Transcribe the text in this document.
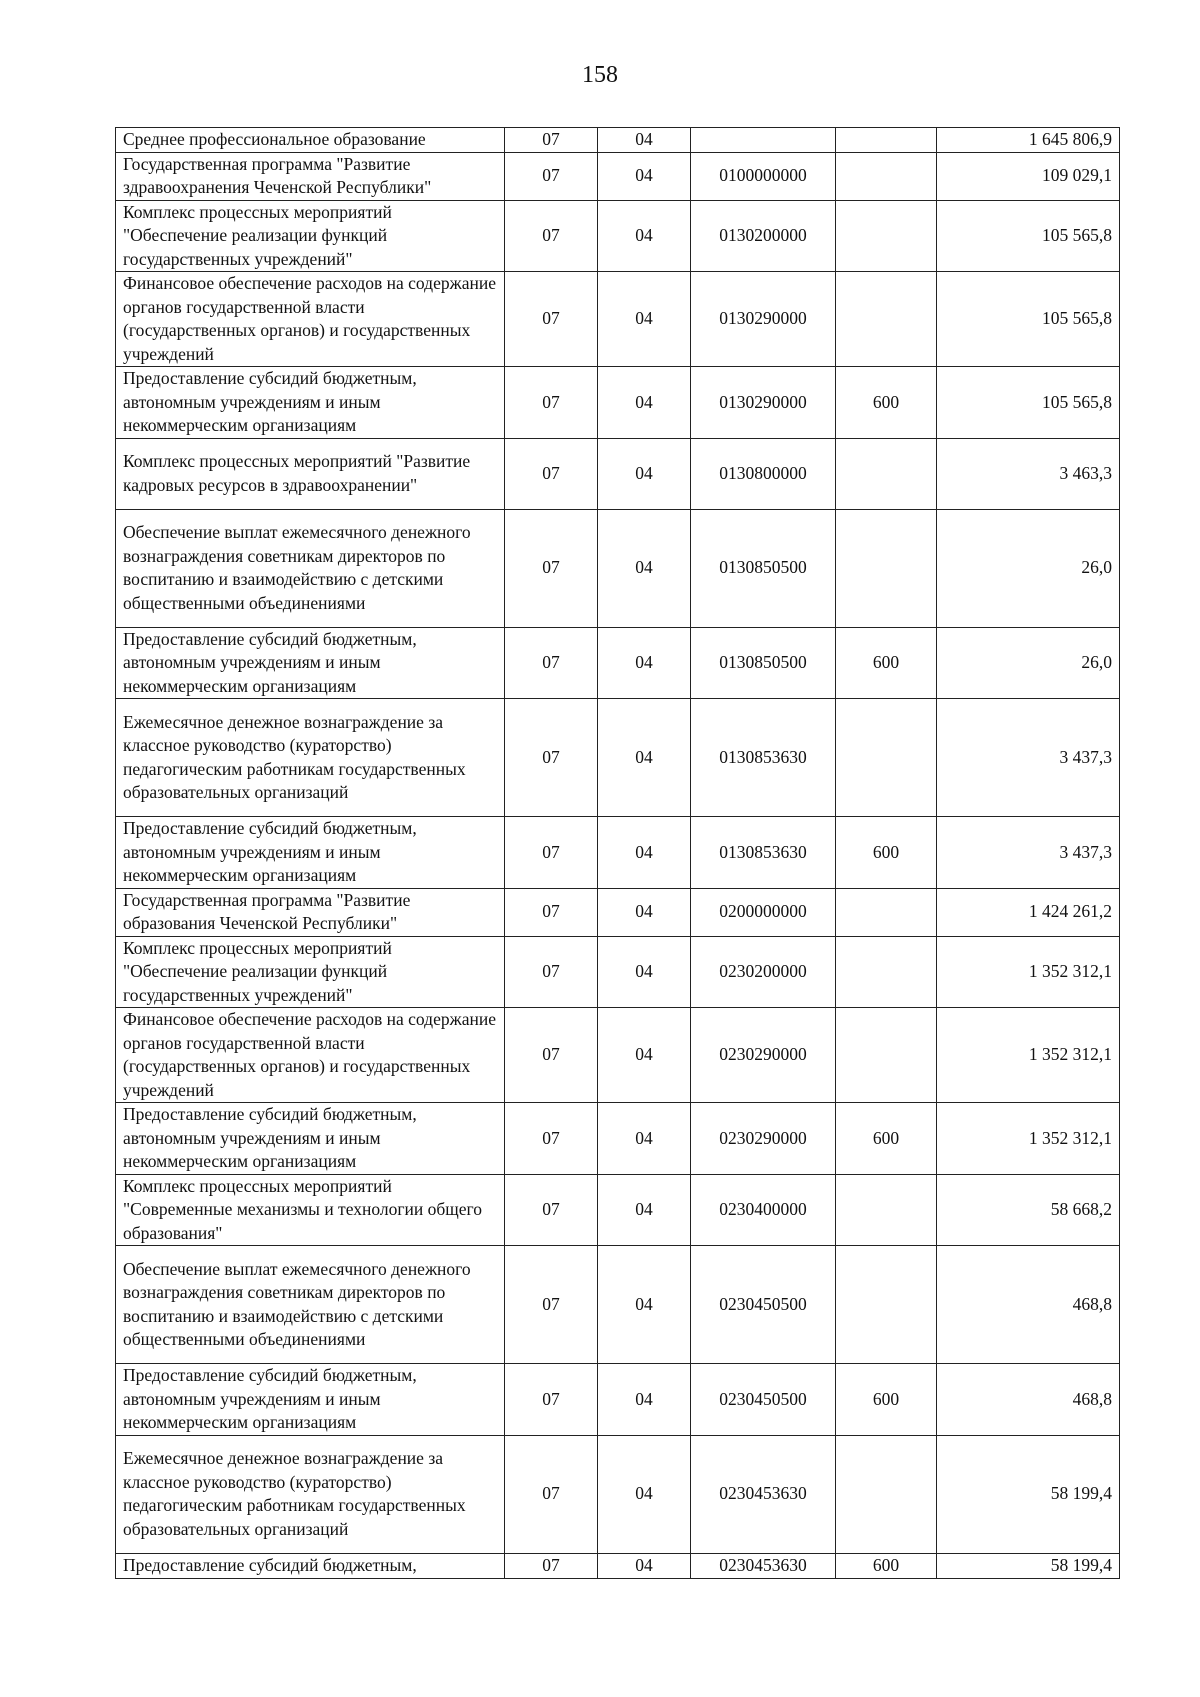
158
Среднее профессиональное образование	07	04			1 645 806,9
Государственная программа "Развитие здравоохранения Чеченской Республики"	07	04	0100000000		109 029,1
Комплекс процессных мероприятий "Обеспечение реализации функций государственных учреждений"	07	04	0130200000		105 565,8
Финансовое обеспечение расходов на содержание органов государственной власти (государственных органов) и государственных учреждений	07	04	0130290000		105 565,8
Предоставление субсидий бюджетным, автономным учреждениям и иным некоммерческим организациям	07	04	0130290000	600	105 565,8
Комплекс процессных мероприятий "Развитие кадровых ресурсов в здравоохранении"	07	04	0130800000		3 463,3
Обеспечение выплат ежемесячного денежного вознаграждения советникам директоров по воспитанию и взаимодействию с детскими общественными объединениями	07	04	0130850500		26,0
Предоставление субсидий бюджетным, автономным учреждениям и иным некоммерческим организациям	07	04	0130850500	600	26,0
Ежемесячное денежное вознаграждение за классное руководство (кураторство) педагогическим работникам государственных образовательных организаций	07	04	0130853630		3 437,3
Предоставление субсидий бюджетным, автономным учреждениям и иным некоммерческим организациям	07	04	0130853630	600	3 437,3
Государственная программа "Развитие образования Чеченской Республики"	07	04	0200000000		1 424 261,2
Комплекс процессных мероприятий "Обеспечение реализации функций государственных учреждений"	07	04	0230200000		1 352 312,1
Финансовое обеспечение расходов на содержание органов государственной власти (государственных органов) и государственных учреждений	07	04	0230290000		1 352 312,1
Предоставление субсидий бюджетным, автономным учреждениям и иным некоммерческим организациям	07	04	0230290000	600	1 352 312,1
Комплекс процессных мероприятий "Современные механизмы и технологии общего образования"	07	04	0230400000		58 668,2
Обеспечение выплат ежемесячного денежного вознаграждения советникам директоров по воспитанию и взаимодействию с детскими общественными объединениями	07	04	0230450500		468,8
Предоставление субсидий бюджетным, автономным учреждениям и иным некоммерческим организациям	07	04	0230450500	600	468,8
Ежемесячное денежное вознаграждение за классное руководство (кураторство) педагогическим работникам государственных образовательных организаций	07	04	0230453630		58 199,4
Предоставление субсидий бюджетным,	07	04	0230453630	600	58 199,4
